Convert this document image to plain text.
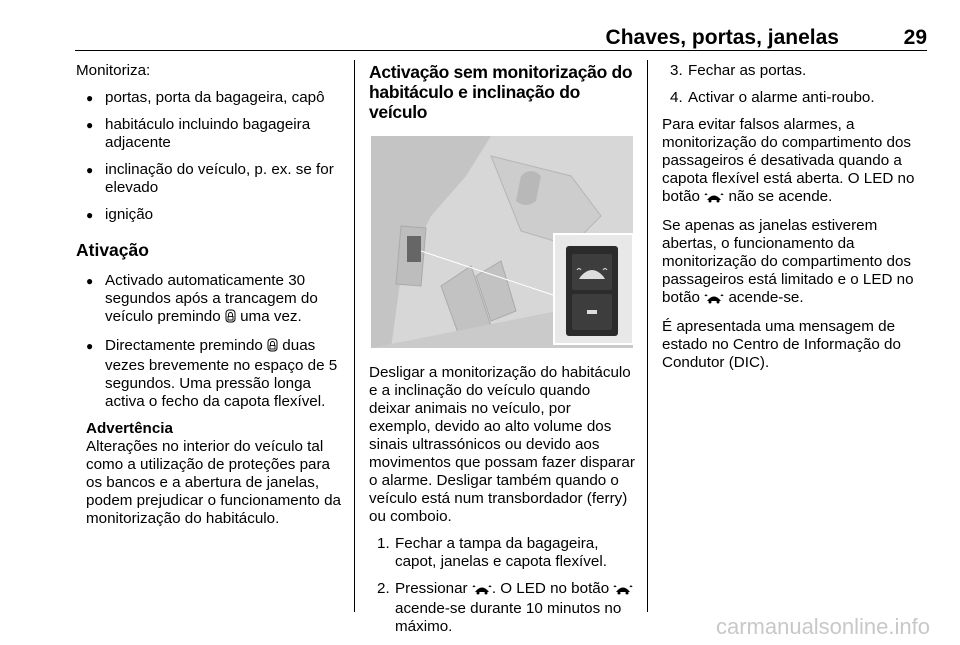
Chaves, portas, janelas	29

Monitoriza:

● portas, porta da bagageira, capô
● habitáculo incluindo bagageira adjacente
● inclinação do veículo, p. ex. se for elevado
● ignição
Ativação
● Activado automaticamente 30 segundos após a trancagem do veículo premindo  uma vez.
● Directamente premindo  duas vezes brevemente no espaço de 5 segundos. Uma pressão longa activa o fecho da capota flexível.
Advertência
Alterações no interior do veículo tal como a utilização de proteções para os bancos e a abertura de janelas, podem prejudicar o funcionamento da monitorização do habitáculo.
Activação sem monitorização do habitáculo e inclinação do veículo

Desligar a monitorização do habitáculo e a inclinação do veículo quando deixar animais no veículo, por exemplo, devido ao alto volume dos sinais ultrassónicos ou devido aos movimentos que possam fazer disparar o alarme. Desligar também quando o veículo está num transbordador (ferry) ou comboio.

1. Fechar a tampa da bagageira, capot, janelas e capota flexível.
2. Pressionar . O LED no botão  acende-se durante 10 minutos no máximo.
3. Fechar as portas.
4. Activar o alarme anti-roubo.

Para evitar falsos alarmes, a monitorização do compartimento dos passageiros é desativada quando a capota flexível está aberta. O LED no botão  não se acende.

Se apenas as janelas estiverem abertas, o funcionamento da monitorização do compartimento dos passageiros está limitado e o LED no botão  acende-se.

É apresentada uma mensagem de estado no Centro de Informação do Condutor (DIC).

carmanualsonline.info
